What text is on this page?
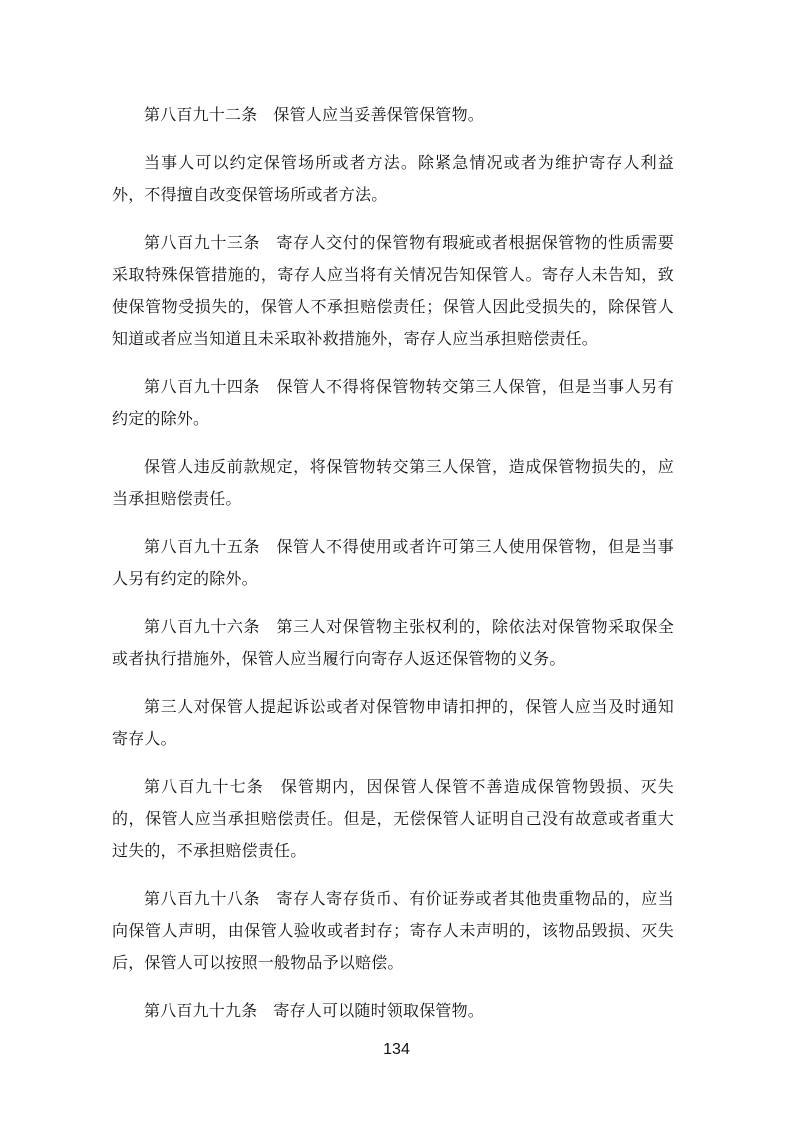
第八百九十二条 保管人应当妥善保管保管物。

当事人可以约定保管场所或者方法。除紧急情况或者为维护寄存人利益外，不得擅自改变保管场所或者方法。

第八百九十三条 寄存人交付的保管物有瑕疵或者根据保管物的性质需要采取特殊保管措施的，寄存人应当将有关情况告知保管人。寄存人未告知，致使保管物受损失的，保管人不承担赔偿责任；保管人因此受损失的，除保管人知道或者应当知道且未采取补救措施外，寄存人应当承担赔偿责任。

第八百九十四条 保管人不得将保管物转交第三人保管，但是当事人另有约定的除外。

保管人违反前款规定，将保管物转交第三人保管，造成保管物损失的，应当承担赔偿责任。

第八百九十五条 保管人不得使用或者许可第三人使用保管物，但是当事人另有约定的除外。

第八百九十六条 第三人对保管物主张权利的，除依法对保管物采取保全或者执行措施外，保管人应当履行向寄存人返还保管物的义务。

第三人对保管人提起诉讼或者对保管物申请扣押的，保管人应当及时通知寄存人。

第八百九十七条 保管期内，因保管人保管不善造成保管物毁损、灭失的，保管人应当承担赔偿责任。但是，无偿保管人证明自己没有故意或者重大过失的，不承担赔偿责任。

第八百九十八条 寄存人寄存货币、有价证券或者其他贵重物品的，应当向保管人声明，由保管人验收或者封存；寄存人未声明的，该物品毁损、灭失后，保管人可以按照一般物品予以赔偿。

第八百九十九条 寄存人可以随时领取保管物。

134
